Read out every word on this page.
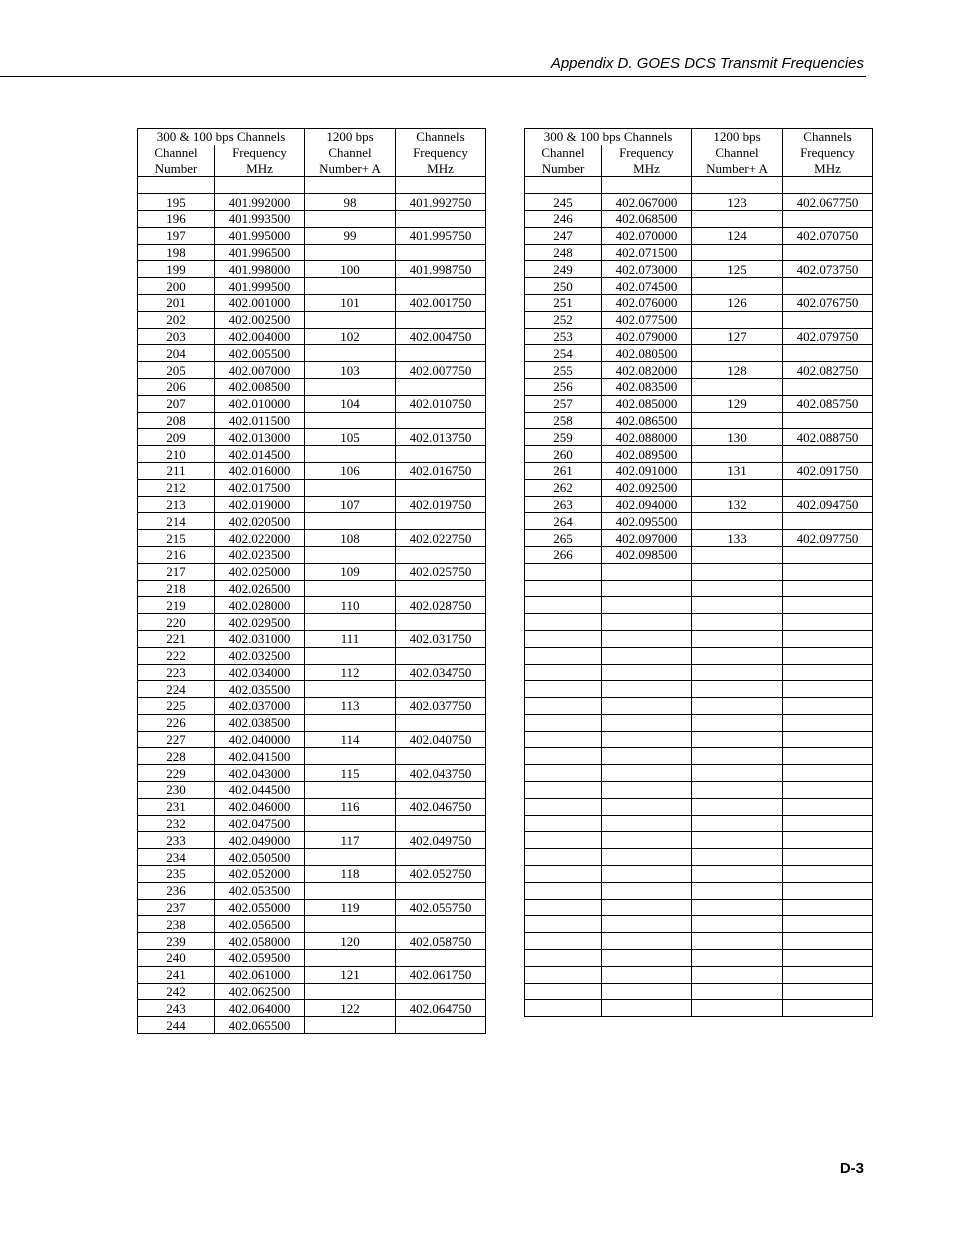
Appendix D. GOES DCS Transmit Frequencies
300 & 100 bps Channels		1200 bps	Channels
Channel	Frequency	Channel	Frequency
Number	MHz	Number+ A	MHz

195	401.992000	98	401.992750
196	401.993500		
197	401.995000	99	401.995750
198	401.996500		
199	401.998000	100	401.998750
200	401.999500		
201	402.001000	101	402.001750
202	402.002500		
203	402.004000	102	402.004750
204	402.005500		
205	402.007000	103	402.007750
206	402.008500		
207	402.010000	104	402.010750
208	402.011500		
209	402.013000	105	402.013750
210	402.014500		
211	402.016000	106	402.016750
212	402.017500		
213	402.019000	107	402.019750
214	402.020500		
215	402.022000	108	402.022750
216	402.023500		
217	402.025000	109	402.025750
218	402.026500		
219	402.028000	110	402.028750
220	402.029500		
221	402.031000	111	402.031750
222	402.032500		
223	402.034000	112	402.034750
224	402.035500		
225	402.037000	113	402.037750
226	402.038500		
227	402.040000	114	402.040750
228	402.041500		
229	402.043000	115	402.043750
230	402.044500		
231	402.046000	116	402.046750
232	402.047500		
233	402.049000	117	402.049750
234	402.050500		
235	402.052000	118	402.052750
236	402.053500		
237	402.055000	119	402.055750
238	402.056500		
239	402.058000	120	402.058750
240	402.059500		
241	402.061000	121	402.061750
242	402.062500		
243	402.064000	122	402.064750
244	402.065500		
300 & 100 bps Channels		1200 bps	Channels
Channel	Frequency	Channel	Frequency
Number	MHz	Number+ A	MHz

245	402.067000	123	402.067750
246	402.068500		
247	402.070000	124	402.070750
248	402.071500		
249	402.073000	125	402.073750
250	402.074500		
251	402.076000	126	402.076750
252	402.077500		
253	402.079000	127	402.079750
254	402.080500		
255	402.082000	128	402.082750
256	402.083500		
257	402.085000	129	402.085750
258	402.086500		
259	402.088000	130	402.088750
260	402.089500		
261	402.091000	131	402.091750
262	402.092500		
263	402.094000	132	402.094750
264	402.095500		
265	402.097000	133	402.097750
266	402.098500		

D-3
